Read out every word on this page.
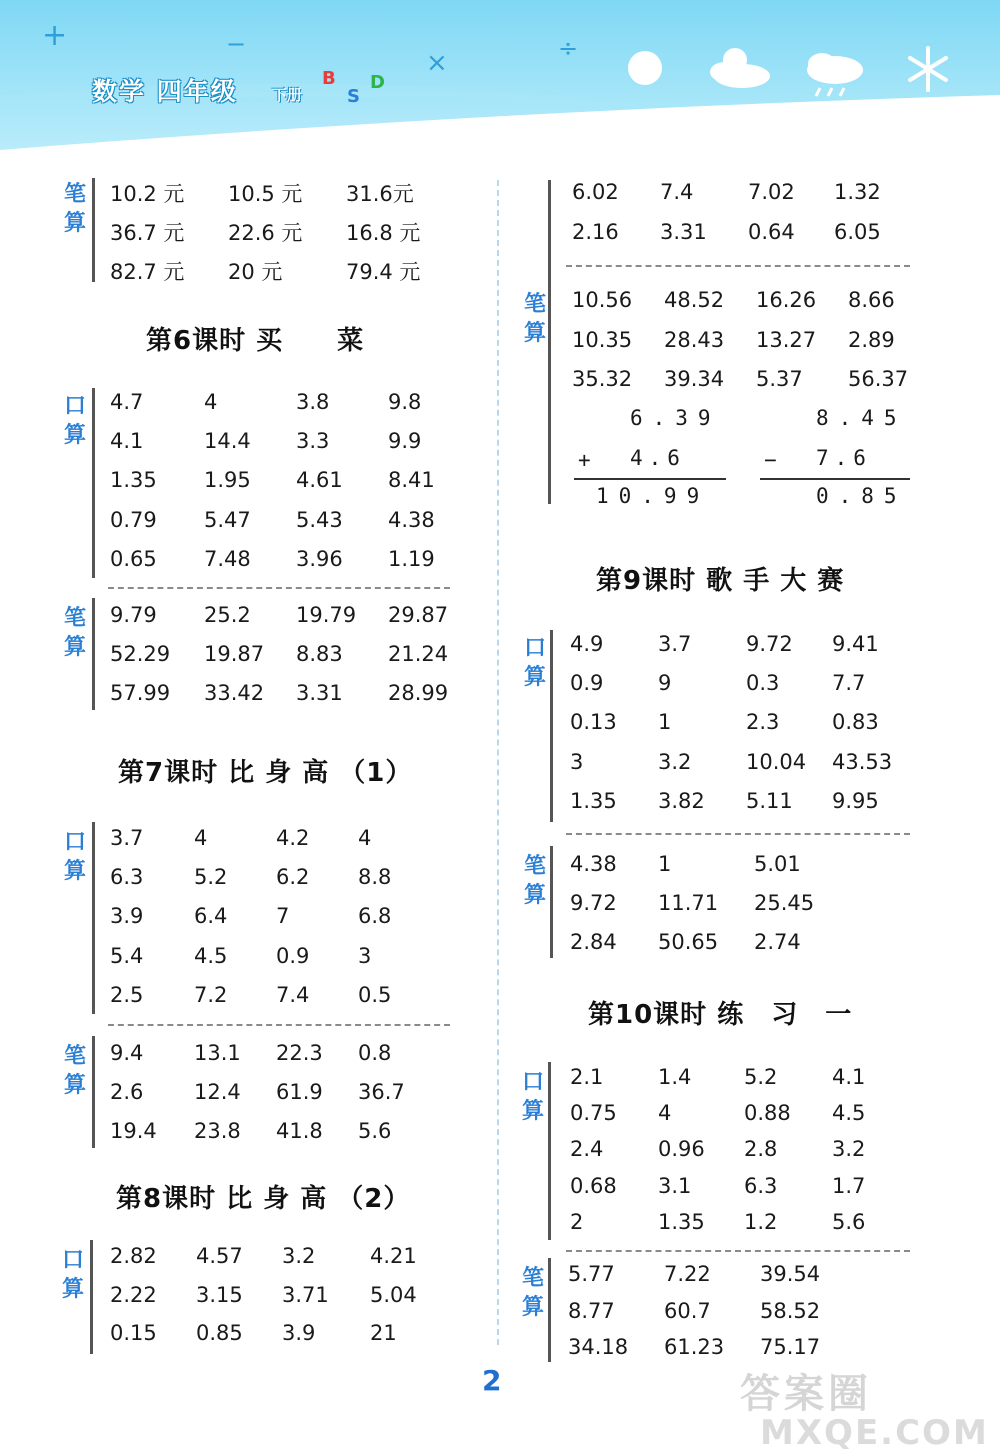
+	−	÷
×
数学 四年级 下册
B
S
D
笔算
10.2 元 10.5 元 31.6元
36.7 元 22.6 元 16.8 元
82.7 元 20 元	79.4 元
第6课时 买　　菜
口算
4.7	4	3.8	9.8
4.1	14.4 3.3	9.9
1.35 1.95 4.61 8.41
0.79 5.47 5.43 4.38
0.65 7.48 3.96 1.19
笔算
9.79 25.2 19.79 29.87
52.29 19.87 8.83 21.24
57.99 33.42 3.31 28.99
第7课时 比 身 高 （1）
口算
3.7 4	4.2 4
6.3 5.2 6.2 8.8
3.9 6.4 7	6.8
5.4 4.5 0.9 3
2.5 7.2 7.4 0.5
笔算
9.4 13.1 22.3 0.8
2.6 12.4 61.9 36.7
19.4 23.8 41.8 5.6
第8课时 比 身 高 （2）
口算
2.82 4.57 3.2	4.21
2.22 3.15 3.71 5.04
0.15 0.85 3.9	21
6.02 7.4	7.02 1.32
2.16 3.31 0.64 6.05
笔算
10.56 48.52 16.26 8.66
10.35 28.43 13.27 2.89
35.32 39.34 5.37 56.37
6.39
+ 4.6
10.99
8.45
− 7.6
0.85
第9课时 歌 手 大 赛
口算
4.9	3.7	9.72 9.41
0.9	9	0.3	7.7
0.13 1	2.3	0.83
3	3.2	10.04 43.53
1.35 3.82 5.11 9.95
笔算
4.38 1	5.01
9.72 11.71 25.45
2.84 50.65 2.74
第10课时 练　习　一
口算
2.1	1.4	5.2	4.1
0.75 4	0.88 4.5
2.4	0.96 2.8	3.2
0.68 3.1	6.3	1.7
2	1.35 1.2	5.6
笔算
5.77 7.22 39.54
8.77 60.7 58.52
34.18 61.23 75.17
2	答案圈
MXQE.COM
